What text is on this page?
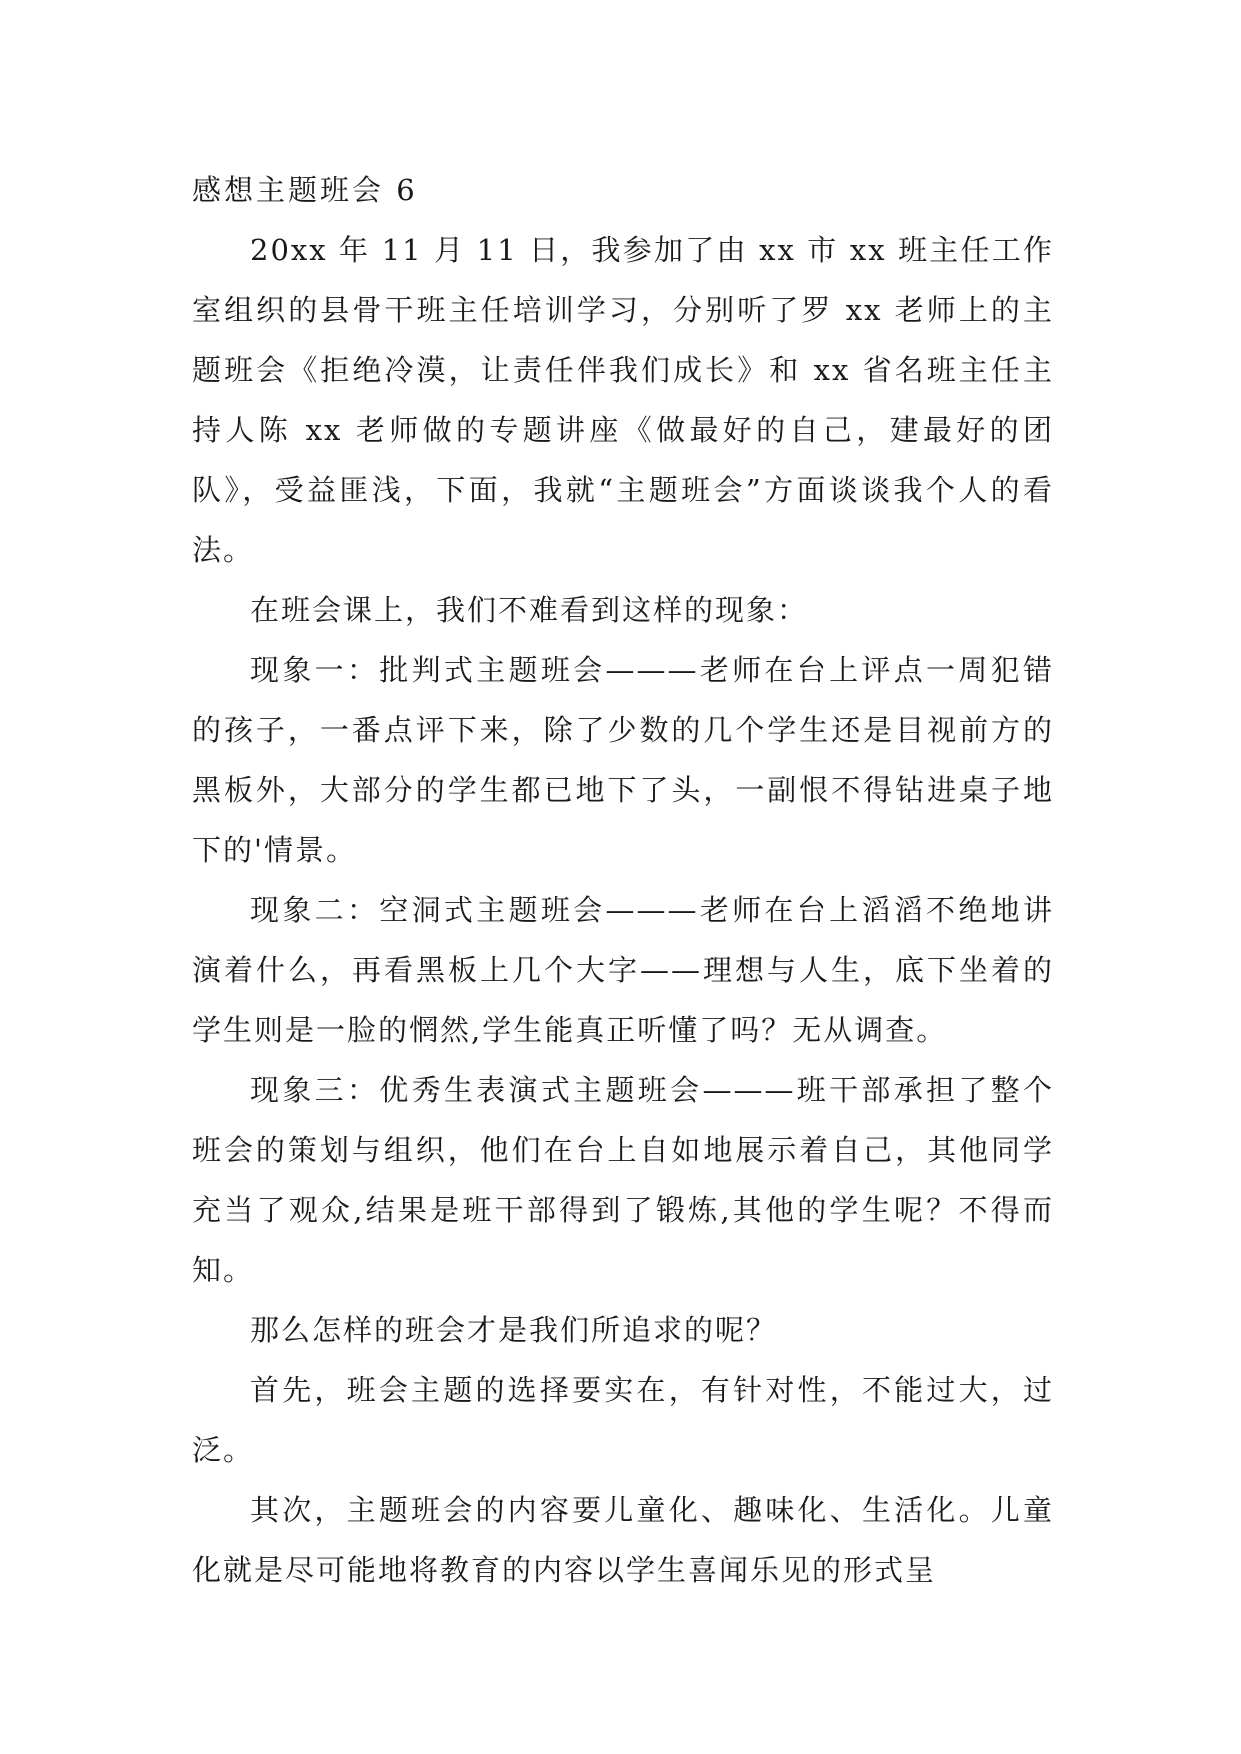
感想主题班会 6

20xx 年 11 月 11 日，我参加了由 xx 市 xx 班主任工作室组织的县骨干班主任培训学习，分别听了罗 xx 老师上的主题班会《拒绝冷漠，让责任伴我们成长》和 xx 省名班主任主持人陈 xx 老师做的专题讲座《做最好的自己，建最好的团队》，受益匪浅，下面，我就“主题班会”方面谈谈我个人的看法。

在班会课上，我们不难看到这样的现象：

现象一：批判式主题班会———老师在台上评点一周犯错的孩子，一番点评下来，除了少数的几个学生还是目视前方的黑板外，大部分的学生都已地下了头，一副恨不得钻进桌子地下的'情景。

现象二：空洞式主题班会———老师在台上滔滔不绝地讲演着什么，再看黑板上几个大字——理想与人生，底下坐着的学生则是一脸的惘然,学生能真正听懂了吗？无从调查。

现象三：优秀生表演式主题班会———班干部承担了整个班会的策划与组织，他们在台上自如地展示着自己，其他同学充当了观众,结果是班干部得到了锻炼,其他的学生呢？不得而知。

那么怎样的班会才是我们所追求的呢？

首先，班会主题的选择要实在，有针对性，不能过大，过泛。

其次，主题班会的内容要儿童化、趣味化、生活化。儿童化就是尽可能地将教育的内容以学生喜闻乐见的形式呈
